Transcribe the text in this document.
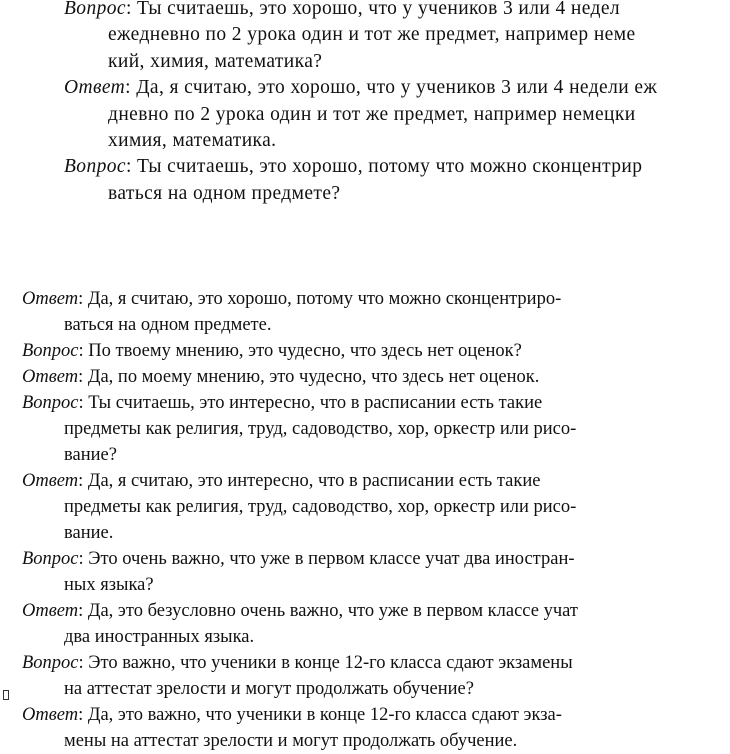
Вопрос: Ты считаешь, это хорошо, что у учеников 3 или 4 недел
ежедневно по 2 урока один и тот же предмет, например неме
кий, химия, математика?
Ответ: Да, я считаю, это хорошо, что у учеников 3 или 4 недели еж
дневно по 2 урока один и тот же предмет, например немецки
химия, математика.
Вопрос: Ты считаешь, это хорошо, потому что можно сконцентрир
ваться на одном предмете?
Ответ: Да, я считаю, это хорошо, потому что можно сконцентриро-
ваться на одном предмете.
Вопрос: По твоему мнению, это чудесно, что здесь нет оценок?
Ответ: Да, по моему мнению, это чудесно, что здесь нет оценок.
Вопрос: Ты считаешь, это интересно, что в расписании есть такие
предметы как религия, труд, садоводство, хор, оркестр или рисо-
вание?
Ответ: Да, я считаю, это интересно, что в расписании есть такие
предметы как религия, труд, садоводство, хор, оркестр или рисо-
вание.
Вопрос: Это очень важно, что уже в первом классе учат два иностран-
ных языка?
Ответ: Да, это безусловно очень важно, что уже в первом классе учат
два иностранных языка.
Вопрос: Это важно, что ученики в конце 12-го класса сдают экзамены
на аттестат зрелости и могут продолжать обучение?
Ответ: Да, это важно, что ученики в конце 12-го класса сдают экза-
мены на аттестат зрелости и могут продолжать обучение.
